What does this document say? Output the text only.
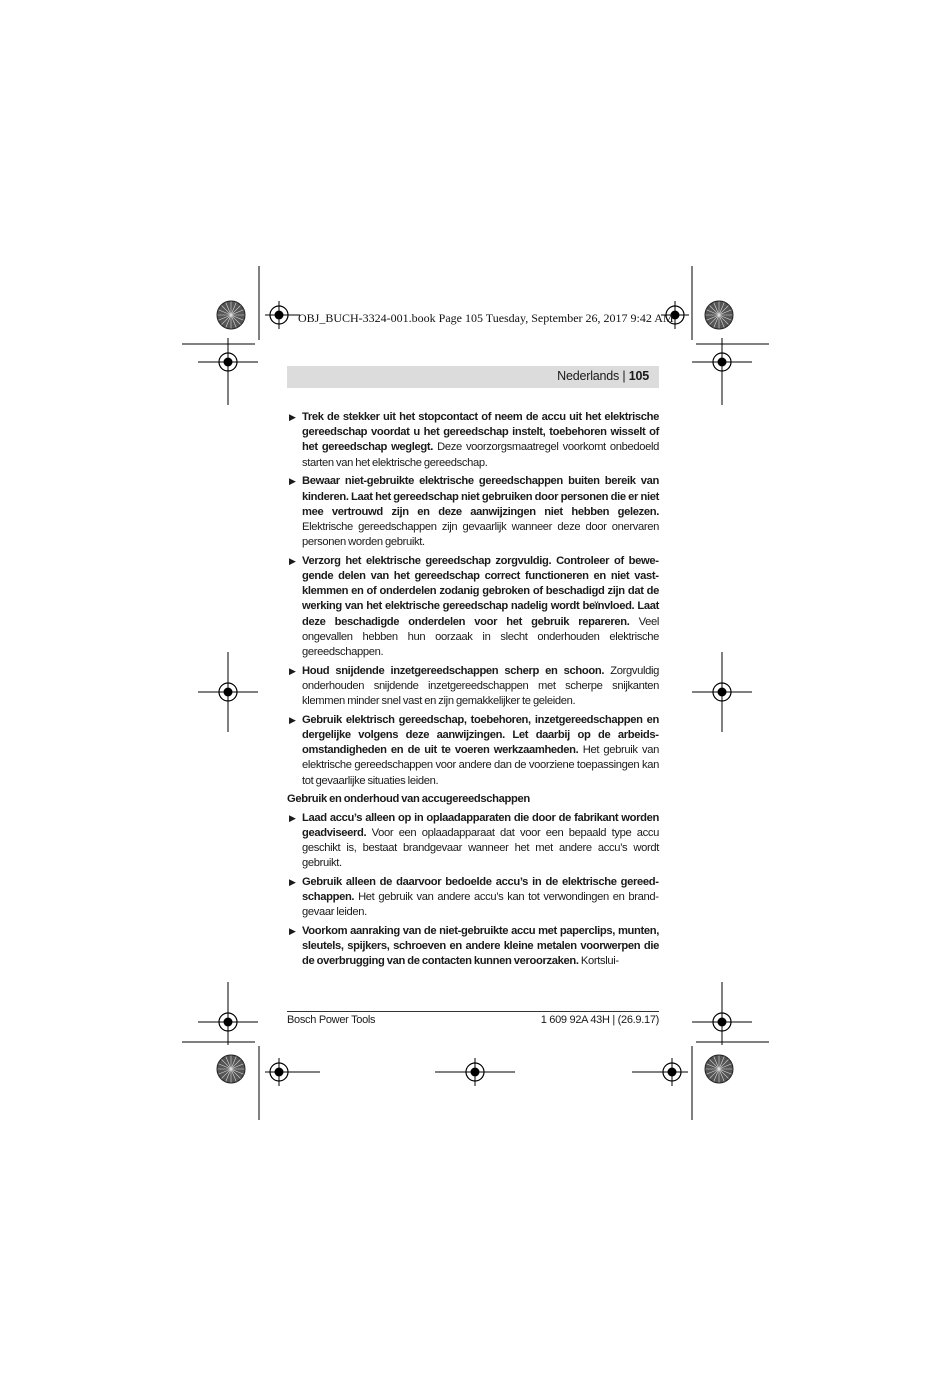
OBJ_BUCH-3324-001.book Page 105 Tuesday, September 26, 2017 9:42 AM
Nederlands | 105
▶ Trek de stekker uit het stopcontact of neem de accu uit het elektrische gereedschap voordat u het gereedschap instelt, toebehoren wisselt of het gereedschap weglegt. Deze voorzorgsmaatregel voorkomt onbedoeld starten van het elektrische gereedschap.
▶ Bewaar niet-gebruikte elektrische gereedschappen buiten bereik van kinderen. Laat het gereedschap niet gebruiken door personen die er niet mee vertrouwd zijn en deze aanwijzingen niet hebben gelezen. Elektrische gereedschappen zijn gevaarlijk wanneer deze door onervaren personen worden gebruikt.
▶ Verzorg het elektrische gereedschap zorgvuldig. Controleer of bewegende delen van het gereedschap correct functioneren en niet vastklemmen en of onderdelen zodanig gebroken of beschadigd zijn dat de werking van het elektrische gereedschap nadelig wordt beïnvloed. Laat deze beschadigde onderdelen voor het gebruik repareren. Veel ongevallen hebben hun oorzaak in slecht onderhouden elektrische gereedschappen.
▶ Houd snijdende inzetgereedschappen scherp en schoon. Zorgvuldig onderhouden snijdende inzetgereedschappen met scherpe snijkanten klemmen minder snel vast en zijn gemakkelijker te geleiden.
▶ Gebruik elektrisch gereedschap, toebehoren, inzetgereedschappen en dergelijke volgens deze aanwijzingen. Let daarbij op de arbeidsomstandigheden en de uit te voeren werkzaamheden. Het gebruik van elektrische gereedschappen voor andere dan de voorziene toepassingen kan tot gevaarlijke situaties leiden.
Gebruik en onderhoud van accugereedschappen
▶ Laad accu’s alleen op in oplaadapparaten die door de fabrikant worden geadviseerd. Voor een oplaadapparaat dat voor een bepaald type accu geschikt is, bestaat brandgevaar wanneer het met andere accu’s wordt gebruikt.
▶ Gebruik alleen de daarvoor bedoelde accu’s in de elektrische gereedschappen. Het gebruik van andere accu’s kan tot verwondingen en brandgevaar leiden.
▶ Voorkom aanraking van de niet-gebruikte accu met paperclips, munten, sleutels, spijkers, schroeven en andere kleine metalen voorwerpen die de overbrugging van de contacten kunnen veroorzaken. Kortslui-
Bosch Power Tools	1 609 92A 43H | (26.9.17)
